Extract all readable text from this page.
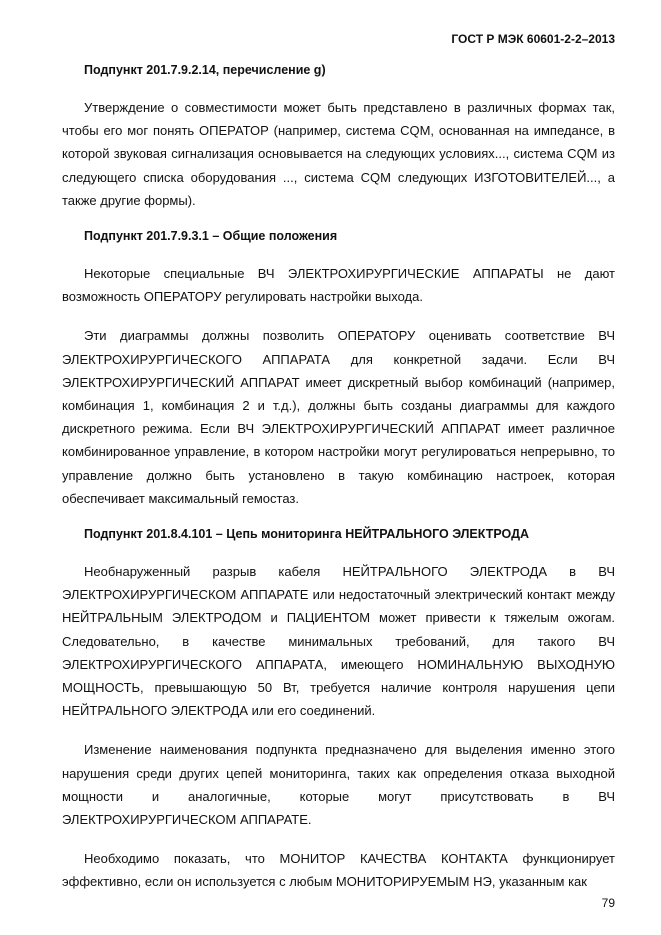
ГОСТ Р МЭК 60601-2-2–2013
Подпункт 201.7.9.2.14, перечисление g)

Утверждение о совместимости может быть представлено в различных формах так, чтобы его мог понять ОПЕРАТОР (например, система CQM, основанная на импедансе, в которой звуковая сигнализация основывается на следующих условиях..., система CQM из следующего списка оборудования ..., система CQM следующих ИЗГОТОВИТЕЛЕЙ..., а также другие формы).

Подпункт 201.7.9.3.1 – Общие положения

Некоторые специальные ВЧ ЭЛЕКТРОХИРУРГИЧЕСКИЕ АППАРАТЫ не дают возможность ОПЕРАТОРУ регулировать настройки выхода.

Эти диаграммы должны позволить ОПЕРАТОРУ оценивать соответствие ВЧ ЭЛЕКТРОХИРУРГИЧЕСКОГО АППАРАТА для конкретной задачи. Если ВЧ ЭЛЕКТРОХИРУРГИЧЕСКИЙ АППАРАТ имеет дискретный выбор комбинаций (например, комбинация 1, комбинация 2 и т.д.), должны быть созданы диаграммы для каждого дискретного режима. Если ВЧ ЭЛЕКТРОХИРУРГИЧЕСКИЙ АППАРАТ имеет различное комбинированное управление, в котором настройки могут регулироваться непрерывно, то управление должно быть установлено в такую комбинацию настроек, которая обеспечивает максимальный гемостаз.

Подпункт 201.8.4.101 – Цепь мониторинга НЕЙТРАЛЬНОГО ЭЛЕКТРОДА

Необнаруженный разрыв кабеля НЕЙТРАЛЬНОГО ЭЛЕКТРОДА в ВЧ ЭЛЕКТРОХИРУРГИЧЕСКОМ АППАРАТЕ или недостаточный электрический контакт между НЕЙТРАЛЬНЫМ ЭЛЕКТРОДОМ и ПАЦИЕНТОМ может привести к тяжелым ожогам. Следовательно, в качестве минимальных требований, для такого ВЧ ЭЛЕКТРОХИРУРГИЧЕСКОГО АППАРАТА, имеющего НОМИНАЛЬНУЮ ВЫХОДНУЮ МОЩНОСТЬ, превышающую 50 Вт, требуется наличие контроля нарушения цепи НЕЙТРАЛЬНОГО ЭЛЕКТРОДА или его соединений.

Изменение наименования подпункта предназначено для выделения именно этого нарушения среди других цепей мониторинга, таких как определения отказа выходной мощности и аналогичные, которые могут присутствовать в ВЧ ЭЛЕКТРОХИРУРГИЧЕСКОМ АППАРАТЕ.

Необходимо показать, что МОНИТОР КАЧЕСТВА КОНТАКТА функционирует эффективно, если он используется с любым МОНИТОРИРУЕМЫМ НЭ, указанным как

79
